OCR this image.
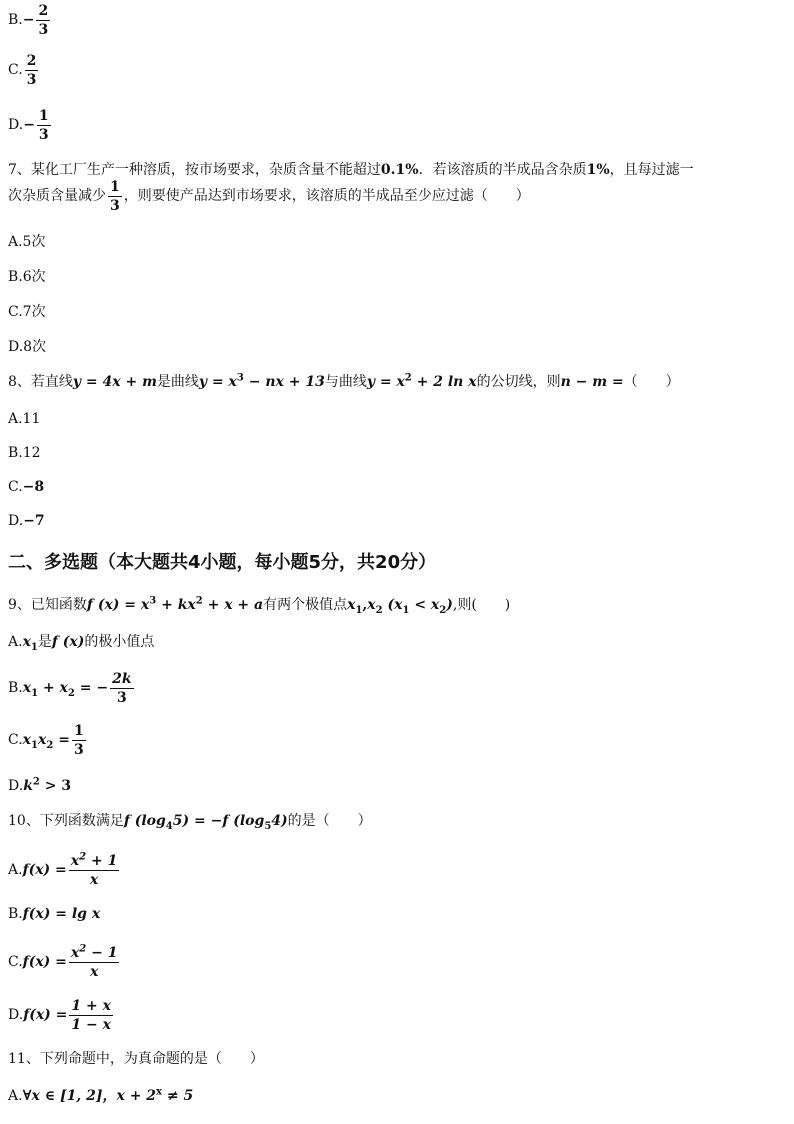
$B.- \frac{2}{3}$
C. $\frac{2}{3}$
$D.- \frac{1}{3}$
7、某化工厂生产一种溶质，按市场要求，杂质含量不能超过0.1%．若该溶质的半成品含杂质1%，且每过滤一
次杂质含量减少 $\frac{1}{3}$ ，则要使产品达到市场要求，该溶质的半成品至少应过滤（　　）
A.5次
B.6次
C.7次
D.8次
8、若直线y = 4x + m是曲线$y = x^3$ − nx + 13与曲线$y = x^2 + 2$ ln x的公切线，则n − m =（　　）
A.11
B.12
C.−8
D.−7
二、多选题（本大题共4小题，每小题5分，共20分）
9、已知函数f $(x) = x^3 + kx^2 + x + a$有两个极值点$x_1,x_2$ $(x_1 < x_2)$,则(　　)
$A.x_1$是f (x)的极小值点
$B.x_1 + x_2$ = − $\frac{2k}{3}$
$C.x_1x_2 = \frac{1}{3}$
$D.k^2 > 3$
10、下列函数满足f $(\log_45) = -f$ $(\log_54)$的是（　　）
$A.f(x) = \frac{x^2 + 1}{x}$
B.f(x) = lg x
$C.f(x) = \frac{x^2 - 1}{x}$
$D.f(x) = \frac{1 + x}{1 - x}$
11、下列命题中，为真命题的是（　　）
A.∀x ∈ [1, 2]，$x + 2^x \ne 5$
